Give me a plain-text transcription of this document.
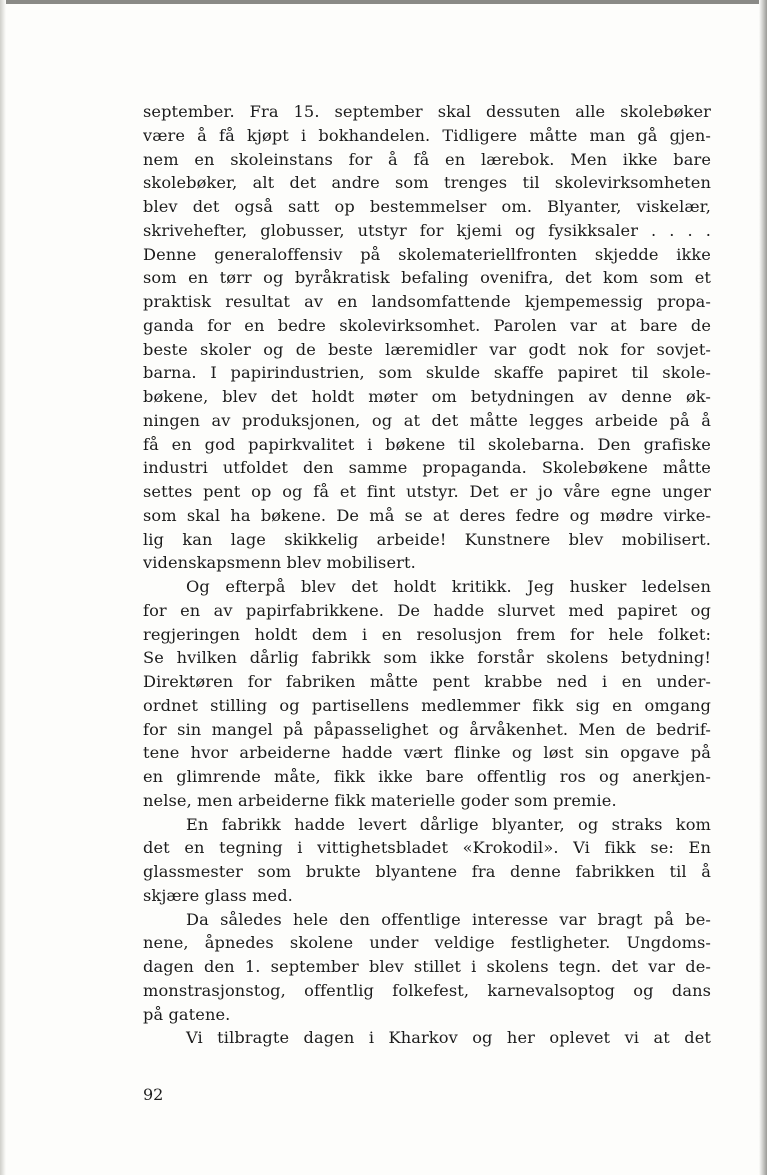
september. Fra 15. september skal dessuten alle skolebøker
være å få kjøpt i bokhandelen. Tidligere måtte man gå gjen-
nem en skoleinstans for å få en lærebok. Men ikke bare
skolebøker, alt det andre som trenges til skolevirksomheten
blev det også satt op bestemmelser om. Blyanter, viskelær,
skrivehefter, globusser, utstyr for kjemi og fysikksaler . . . .
Denne generaloffensiv på skolemateriellfronten skjedde ikke
som en tørr og byråkratisk befaling ovenifra, det kom som et
praktisk resultat av en landsomfattende kjempemessig propa-
ganda for en bedre skolevirksomhet. Parolen var at bare de
beste skoler og de beste læremidler var godt nok for sovjet-
barna. I papirindustrien, som skulde skaffe papiret til skole-
bøkene, blev det holdt møter om betydningen av denne øk-
ningen av produksjonen, og at det måtte legges arbeide på å
få en god papirkvalitet i bøkene til skolebarna. Den grafiske
industri utfoldet den samme propaganda. Skolebøkene måtte
settes pent op og få et fint utstyr. Det er jo våre egne unger
som skal ha bøkene. De må se at deres fedre og mødre virke-
lig kan lage skikkelig arbeide! Kunstnere blev mobilisert.
videnskapsmenn blev mobilisert.
Og efterpå blev det holdt kritikk. Jeg husker ledelsen
for en av papirfabrikkene. De hadde slurvet med papiret og
regjeringen holdt dem i en resolusjon frem for hele folket:
Se hvilken dårlig fabrikk som ikke forstår skolens betydning!
Direktøren for fabriken måtte pent krabbe ned i en under-
ordnet stilling og partisellens medlemmer fikk sig en omgang
for sin mangel på påpasselighet og årvåkenhet. Men de bedrif-
tene hvor arbeiderne hadde vært flinke og løst sin opgave på
en glimrende måte, fikk ikke bare offentlig ros og anerkjen-
nelse, men arbeiderne fikk materielle goder som premie.
En fabrikk hadde levert dårlige blyanter, og straks kom
det en tegning i vittighetsbladet «Krokodil». Vi fikk se: En
glassmester som brukte blyantene fra denne fabrikken til å
skjære glass med.
Da således hele den offentlige interesse var bragt på be-
nene, åpnedes skolene under veldige festligheter. Ungdoms-
dagen den 1. september blev stillet i skolens tegn. det var de-
monstrasjonstog, offentlig folkefest, karnevalsoptog og dans
på gatene.
Vi tilbragte dagen i Kharkov og her oplevet vi at det
92
